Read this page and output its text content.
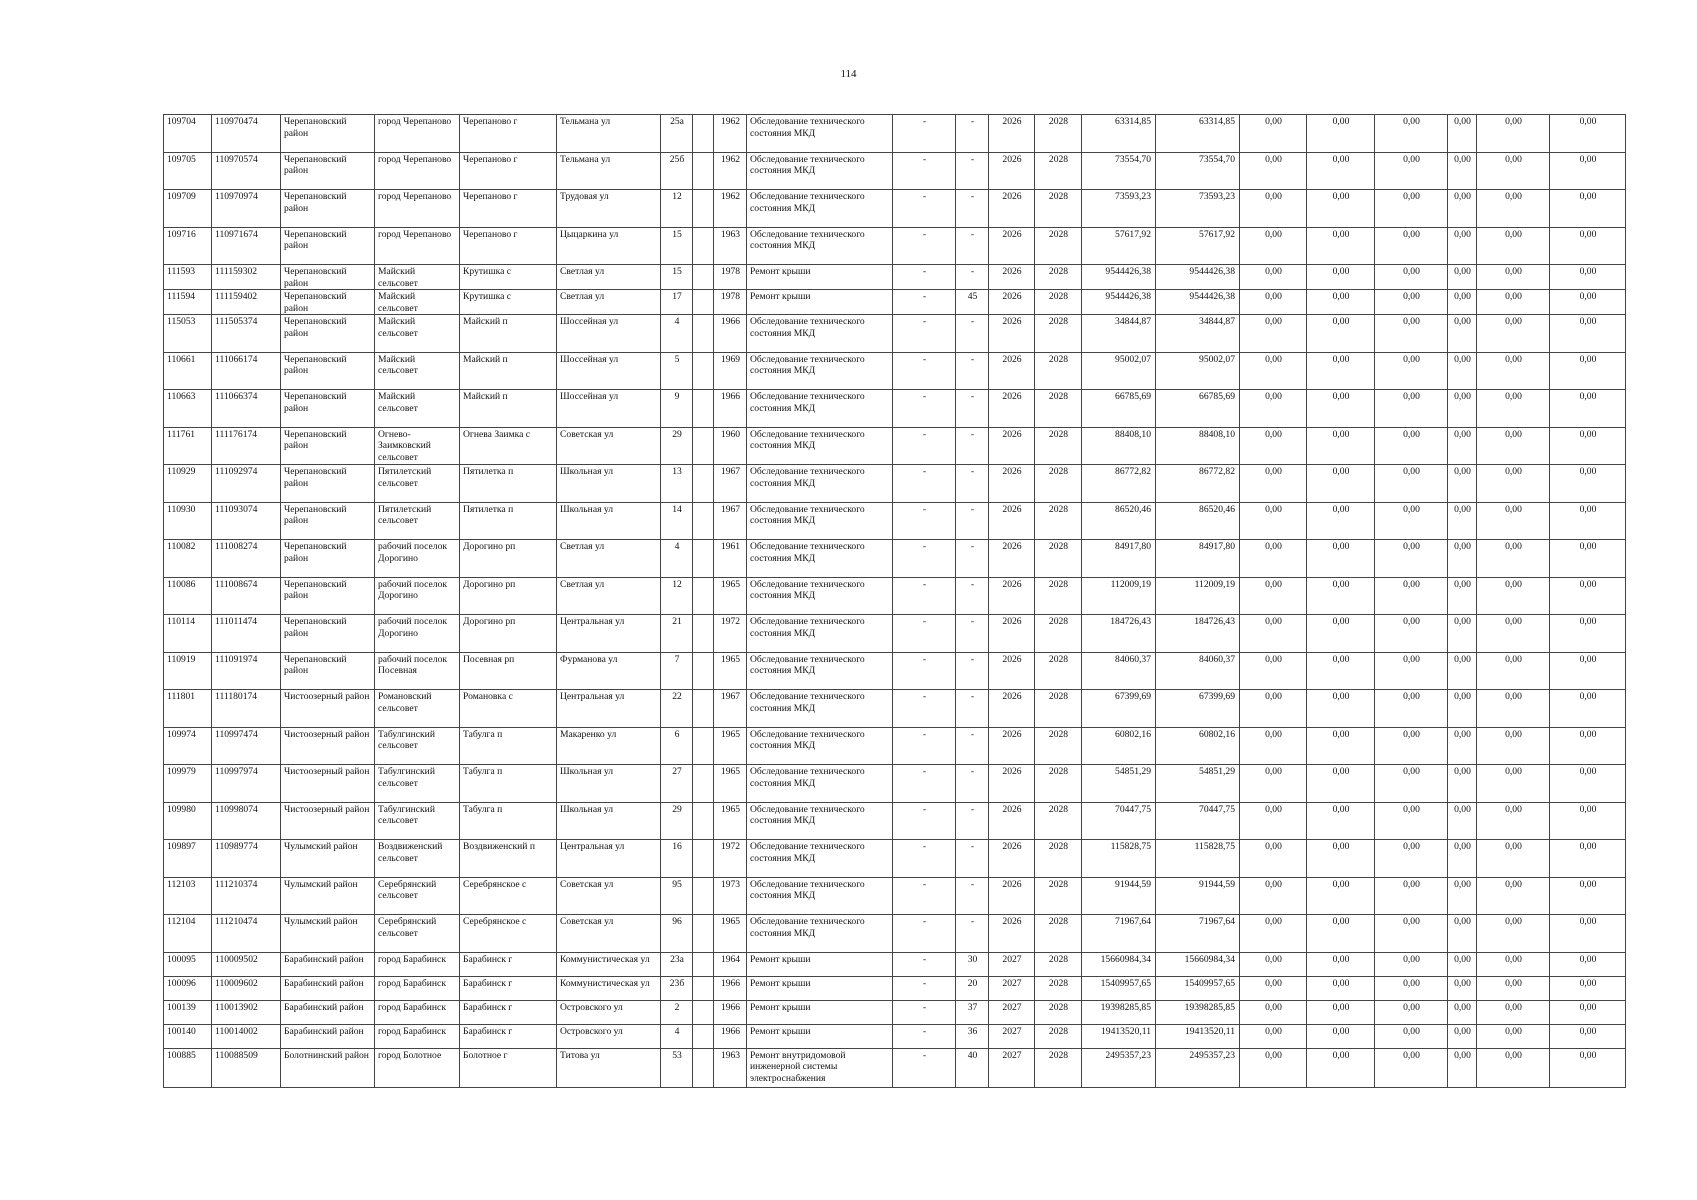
114
109704	110970474	Черепановский район	город Черепаново	Черепаново г	Тельмана ул	25а		1962	Обследование технического состояния МКД	-	-	2026	2028	63314,85	63314,85	0,00	0,00	0,00	0,00	0,00	0,00
109705	110970574	Черепановский район	город Черепаново	Черепаново г	Тельмана ул	25б		1962	Обследование технического состояния МКД	-	-	2026	2028	73554,70	73554,70	0,00	0,00	0,00	0,00	0,00	0,00
109709	110970974	Черепановский район	город Черепаново	Черепаново г	Трудовая ул	12		1962	Обследование технического состояния МКД	-	-	2026	2028	73593,23	73593,23	0,00	0,00	0,00	0,00	0,00	0,00
109716	110971674	Черепановский район	город Черепаново	Черепаново г	Цыцаркина ул	15		1963	Обследование технического состояния МКД	-	-	2026	2028	57617,92	57617,92	0,00	0,00	0,00	0,00	0,00	0,00
111593	111159302	Черепановский район	Майский сельсовет	Крутишка с	Светлая ул	15		1978	Ремонт крыши	-	-	2026	2028	9544426,38	9544426,38	0,00	0,00	0,00	0,00	0,00	0,00
111594	111159402	Черепановский район	Майский сельсовет	Крутишка с	Светлая ул	17		1978	Ремонт крыши	-	45	2026	2028	9544426,38	9544426,38	0,00	0,00	0,00	0,00	0,00	0,00
115053	111505374	Черепановский район	Майский сельсовет	Майский п	Шоссейная ул	4		1966	Обследование технического состояния МКД	-	-	2026	2028	34844,87	34844,87	0,00	0,00	0,00	0,00	0,00	0,00
110661	111066174	Черепановский район	Майский сельсовет	Майский п	Шоссейная ул	5		1969	Обследование технического состояния МКД	-	-	2026	2028	95002,07	95002,07	0,00	0,00	0,00	0,00	0,00	0,00
110663	111066374	Черепановский район	Майский сельсовет	Майский п	Шоссейная ул	9		1966	Обследование технического состояния МКД	-	-	2026	2028	66785,69	66785,69	0,00	0,00	0,00	0,00	0,00	0,00
111761	111176174	Черепановский район	Огнево-Заимковский сельсовет	Огнева Заимка с	Советская ул	29		1960	Обследование технического состояния МКД	-	-	2026	2028	88408,10	88408,10	0,00	0,00	0,00	0,00	0,00	0,00
110929	111092974	Черепановский район	Пятилетский сельсовет	Пятилетка п	Школьная ул	13		1967	Обследование технического состояния МКД	-	-	2026	2028	86772,82	86772,82	0,00	0,00	0,00	0,00	0,00	0,00
110930	111093074	Черепановский район	Пятилетский сельсовет	Пятилетка п	Школьная ул	14		1967	Обследование технического состояния МКД	-	-	2026	2028	86520,46	86520,46	0,00	0,00	0,00	0,00	0,00	0,00
110082	111008274	Черепановский район	рабочий поселок Дорогино	Дорогино рп	Светлая ул	4		1961	Обследование технического состояния МКД	-	-	2026	2028	84917,80	84917,80	0,00	0,00	0,00	0,00	0,00	0,00
110086	111008674	Черепановский район	рабочий поселок Дорогино	Дорогино рп	Светлая ул	12		1965	Обследование технического состояния МКД	-	-	2026	2028	112009,19	112009,19	0,00	0,00	0,00	0,00	0,00	0,00
110114	111011474	Черепановский район	рабочий поселок Дорогино	Дорогино рп	Центральная ул	21		1972	Обследование технического состояния МКД	-	-	2026	2028	184726,43	184726,43	0,00	0,00	0,00	0,00	0,00	0,00
110919	111091974	Черепановский район	рабочий поселок Посевная	Посевная рп	Фурманова ул	7		1965	Обследование технического состояния МКД	-	-	2026	2028	84060,37	84060,37	0,00	0,00	0,00	0,00	0,00	0,00
111801	111180174	Чистоозерный район	Романовский сельсовет	Романовка с	Центральная ул	22		1967	Обследование технического состояния МКД	-	-	2026	2028	67399,69	67399,69	0,00	0,00	0,00	0,00	0,00	0,00
109974	110997474	Чистоозерный район	Табулгинский сельсовет	Табулга п	Макаренко ул	6		1965	Обследование технического состояния МКД	-	-	2026	2028	60802,16	60802,16	0,00	0,00	0,00	0,00	0,00	0,00
109979	110997974	Чистоозерный район	Табулгинский сельсовет	Табулга п	Школьная ул	27		1965	Обследование технического состояния МКД	-	-	2026	2028	54851,29	54851,29	0,00	0,00	0,00	0,00	0,00	0,00
109980	110998074	Чистоозерный район	Табулгинский сельсовет	Табулга п	Школьная ул	29		1965	Обследование технического состояния МКД	-	-	2026	2028	70447,75	70447,75	0,00	0,00	0,00	0,00	0,00	0,00
109897	110989774	Чулымский район	Воздвиженский сельсовет	Воздвиженский п	Центральная ул	16		1972	Обследование технического состояния МКД	-	-	2026	2028	115828,75	115828,75	0,00	0,00	0,00	0,00	0,00	0,00
112103	111210374	Чулымский район	Серебрянский сельсовет	Серебрянское с	Советская ул	95		1973	Обследование технического состояния МКД	-	-	2026	2028	91944,59	91944,59	0,00	0,00	0,00	0,00	0,00	0,00
112104	111210474	Чулымский район	Серебрянский сельсовет	Серебрянское с	Советская ул	96		1965	Обследование технического состояния МКД	-	-	2026	2028	71967,64	71967,64	0,00	0,00	0,00	0,00	0,00	0,00
100095	110009502	Барабинский район	город Барабинск	Барабинск г	Коммунистическая ул	23а		1964	Ремонт крыши	-	30	2027	2028	15660984,34	15660984,34	0,00	0,00	0,00	0,00	0,00	0,00
100096	110009602	Барабинский район	город Барабинск	Барабинск г	Коммунистическая ул	23б		1966	Ремонт крыши	-	20	2027	2028	15409957,65	15409957,65	0,00	0,00	0,00	0,00	0,00	0,00
100139	110013902	Барабинский район	город Барабинск	Барабинск г	Островского ул	2		1966	Ремонт крыши	-	37	2027	2028	19398285,85	19398285,85	0,00	0,00	0,00	0,00	0,00	0,00
100140	110014002	Барабинский район	город Барабинск	Барабинск г	Островского ул	4		1966	Ремонт крыши	-	36	2027	2028	19413520,11	19413520,11	0,00	0,00	0,00	0,00	0,00	0,00
100885	110088509	Болотнинский район	город Болотное	Болотное г	Титова ул	53		1963	Ремонт внутридомовой инженерной системы электроснабжения	-	40	2027	2028	2495357,23	2495357,23	0,00	0,00	0,00	0,00	0,00	0,00
